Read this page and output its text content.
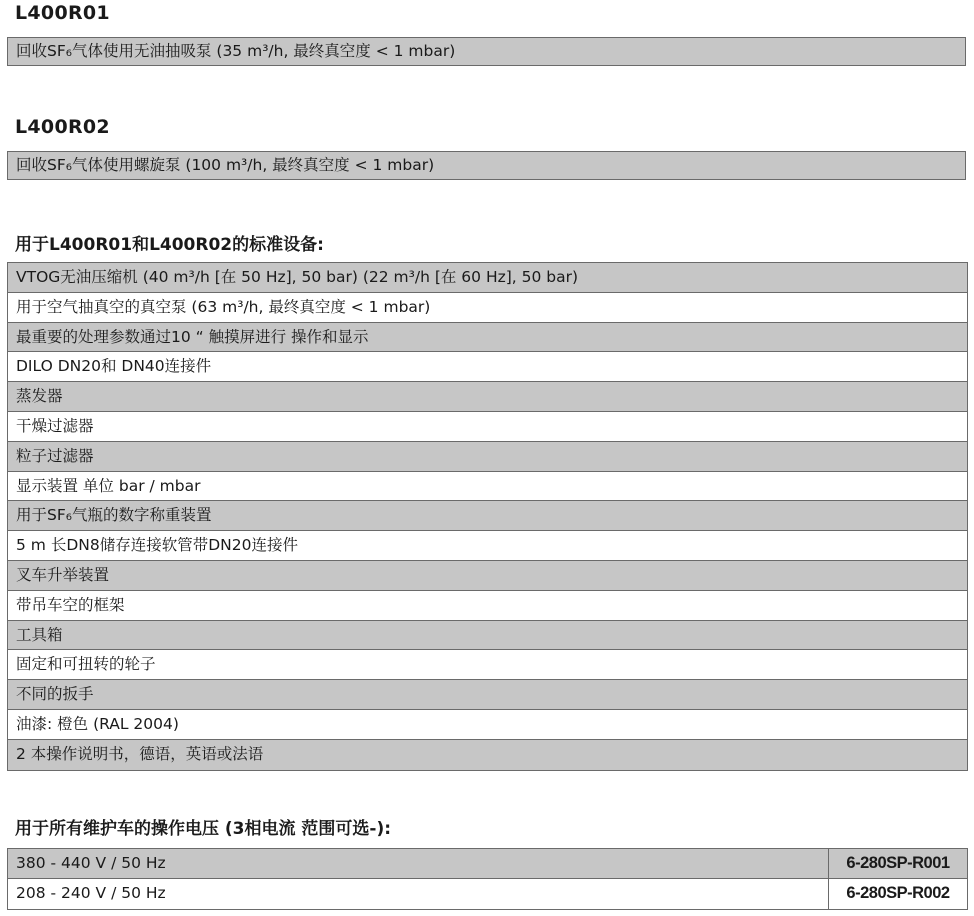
L400R01
回收SF₆气体使用无油抽吸泵 (35 m³/h, 最终真空度 < 1 mbar)
L400R02
回收SF₆气体使用螺旋泵 (100 m³/h, 最终真空度 < 1 mbar)
用于L400R01和L400R02的标准设备:
VTOG无油压缩机 (40 m³/h [在 50 Hz], 50 bar) (22 m³/h [在 60 Hz], 50 bar)
用于空气抽真空的真空泵 (63 m³/h, 最终真空度 < 1 mbar)
最重要的处理参数通过10 “ 触摸屏进行 操作和显示
DILO DN20和 DN40连接件
蒸发器
干燥过滤器
粒子过滤器
显示装置 单位 bar / mbar
用于SF₆气瓶的数字称重装置
5 m 长DN8储存连接软管带DN20连接件
叉车升举装置
带吊车空的框架
工具箱
固定和可扭转的轮子
不同的扳手
油漆: 橙色 (RAL 2004)
2 本操作说明书，德语，英语或法语
用于所有维护车的操作电压 (3相电流 范围可选-):
380 - 440 V / 50 Hz	6-280SP-R001
208 - 240 V / 50 Hz	6-280SP-R002
